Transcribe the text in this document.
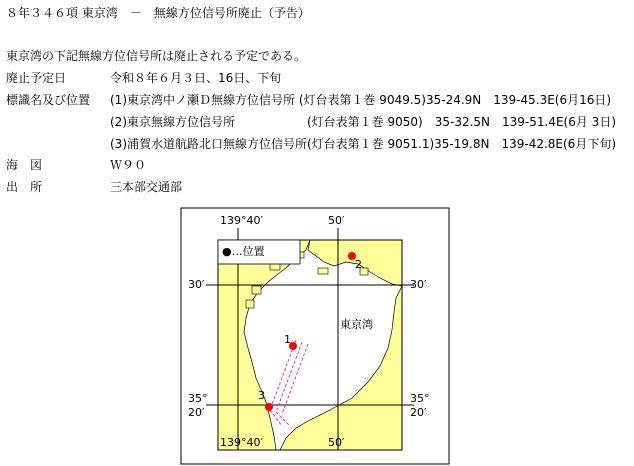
８年３４６項 東京湾　－　無線方位信号所廃止（予告）
東京湾の下記無線方位信号所は廃止される予定である。
廃止予定日	令和８年６月３日、16日、下旬
標識名及び位置 (1)東京湾中ノ瀬Ｄ無線方位信号所 (灯台表第１巻 9049.5)35-24.9N　139-45.3E(6月16日)
(2)東京無線方位信号所　　　　　　(灯台表第１巻 9050)　35-32.5N　139-51.4E(6月 3日)
(3)浦賀水道航路北口無線方位信号所(灯台表第１巻 9051.1)35-19.8N　139-42.8E(6月下旬)
海　図	Ｗ９０
出　所	三本部交通部
●…位置
東京湾
1
2
3
139°40′	50′
139°40′	50′
30′	30′
35°
20′
35°
20′
